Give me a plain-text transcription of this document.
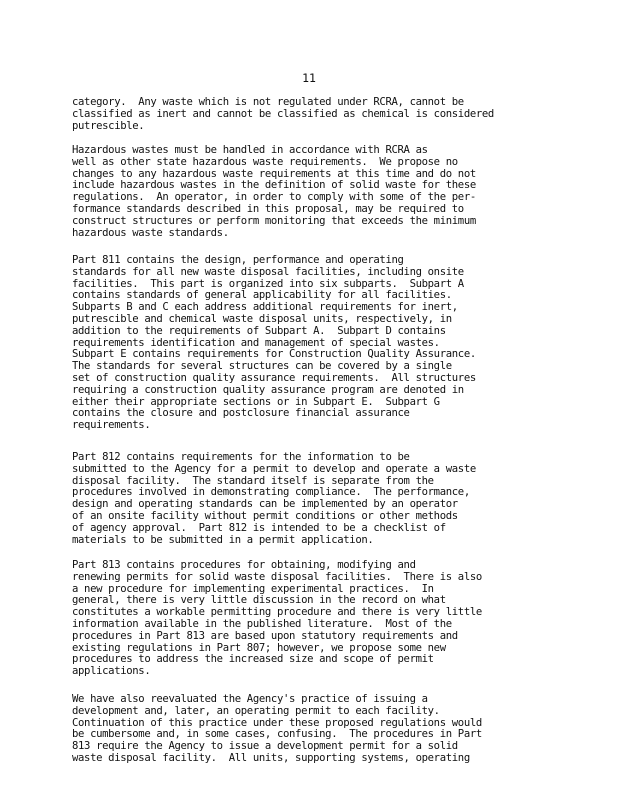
11
category.  Any waste which is not regulated under RCRA, cannot be
classified as inert and cannot be classified as chemical is considered
putrescible.
Hazardous wastes must be handled in accordance with RCRA as
well as other state hazardous waste requirements.  We propose no
changes to any hazardous waste requirements at this time and do not
include hazardous wastes in the definition of solid waste for these
regulations.  An operator, in order to comply with some of the per-
formance standards described in this proposal, may be required to
construct structures or perform monitoring that exceeds the minimum
hazardous waste standards.
Part 811 contains the design, performance and operating
standards for all new waste disposal facilities, including onsite
facilities.  This part is organized into six subparts.  Subpart A
contains standards of general applicability for all facilities.
Subparts B and C each address additional requirements for inert,
putrescible and chemical waste disposal units, respectively, in
addition to the requirements of Subpart A.  Subpart D contains
requirements identification and management of special wastes.
Subpart E contains requirements for Construction Quality Assurance.
The standards for several structures can be covered by a single
set of construction quality assurance requirements.  All structures
requiring a construction quality assurance program are denoted in
either their appropriate sections or in Subpart E.  Subpart G
contains the closure and postclosure financial assurance
requirements.
Part 812 contains requirements for the information to be
submitted to the Agency for a permit to develop and operate a waste
disposal facility.  The standard itself is separate from the
procedures involved in demonstrating compliance.  The performance,
design and operating standards can be implemented by an operator
of an onsite facility without permit conditions or other methods
of agency approval.  Part 812 is intended to be a checklist of
materials to be submitted in a permit application.
Part 813 contains procedures for obtaining, modifying and
renewing permits for solid waste disposal facilities.  There is also
a new procedure for implementing experimental practices.  In
general, there is very little discussion in the record on what
constitutes a workable permitting procedure and there is very little
information available in the published literature.  Most of the
procedures in Part 813 are based upon statutory requirements and
existing regulations in Part 807; however, we propose some new
procedures to address the increased size and scope of permit
applications.
We have also reevaluated the Agency's practice of issuing a
development and, later, an operating permit to each facility.
Continuation of this practice under these proposed regulations would
be cumbersome and, in some cases, confusing.  The procedures in Part
813 require the Agency to issue a development permit for a solid
waste disposal facility.  All units, supporting systems, operating
